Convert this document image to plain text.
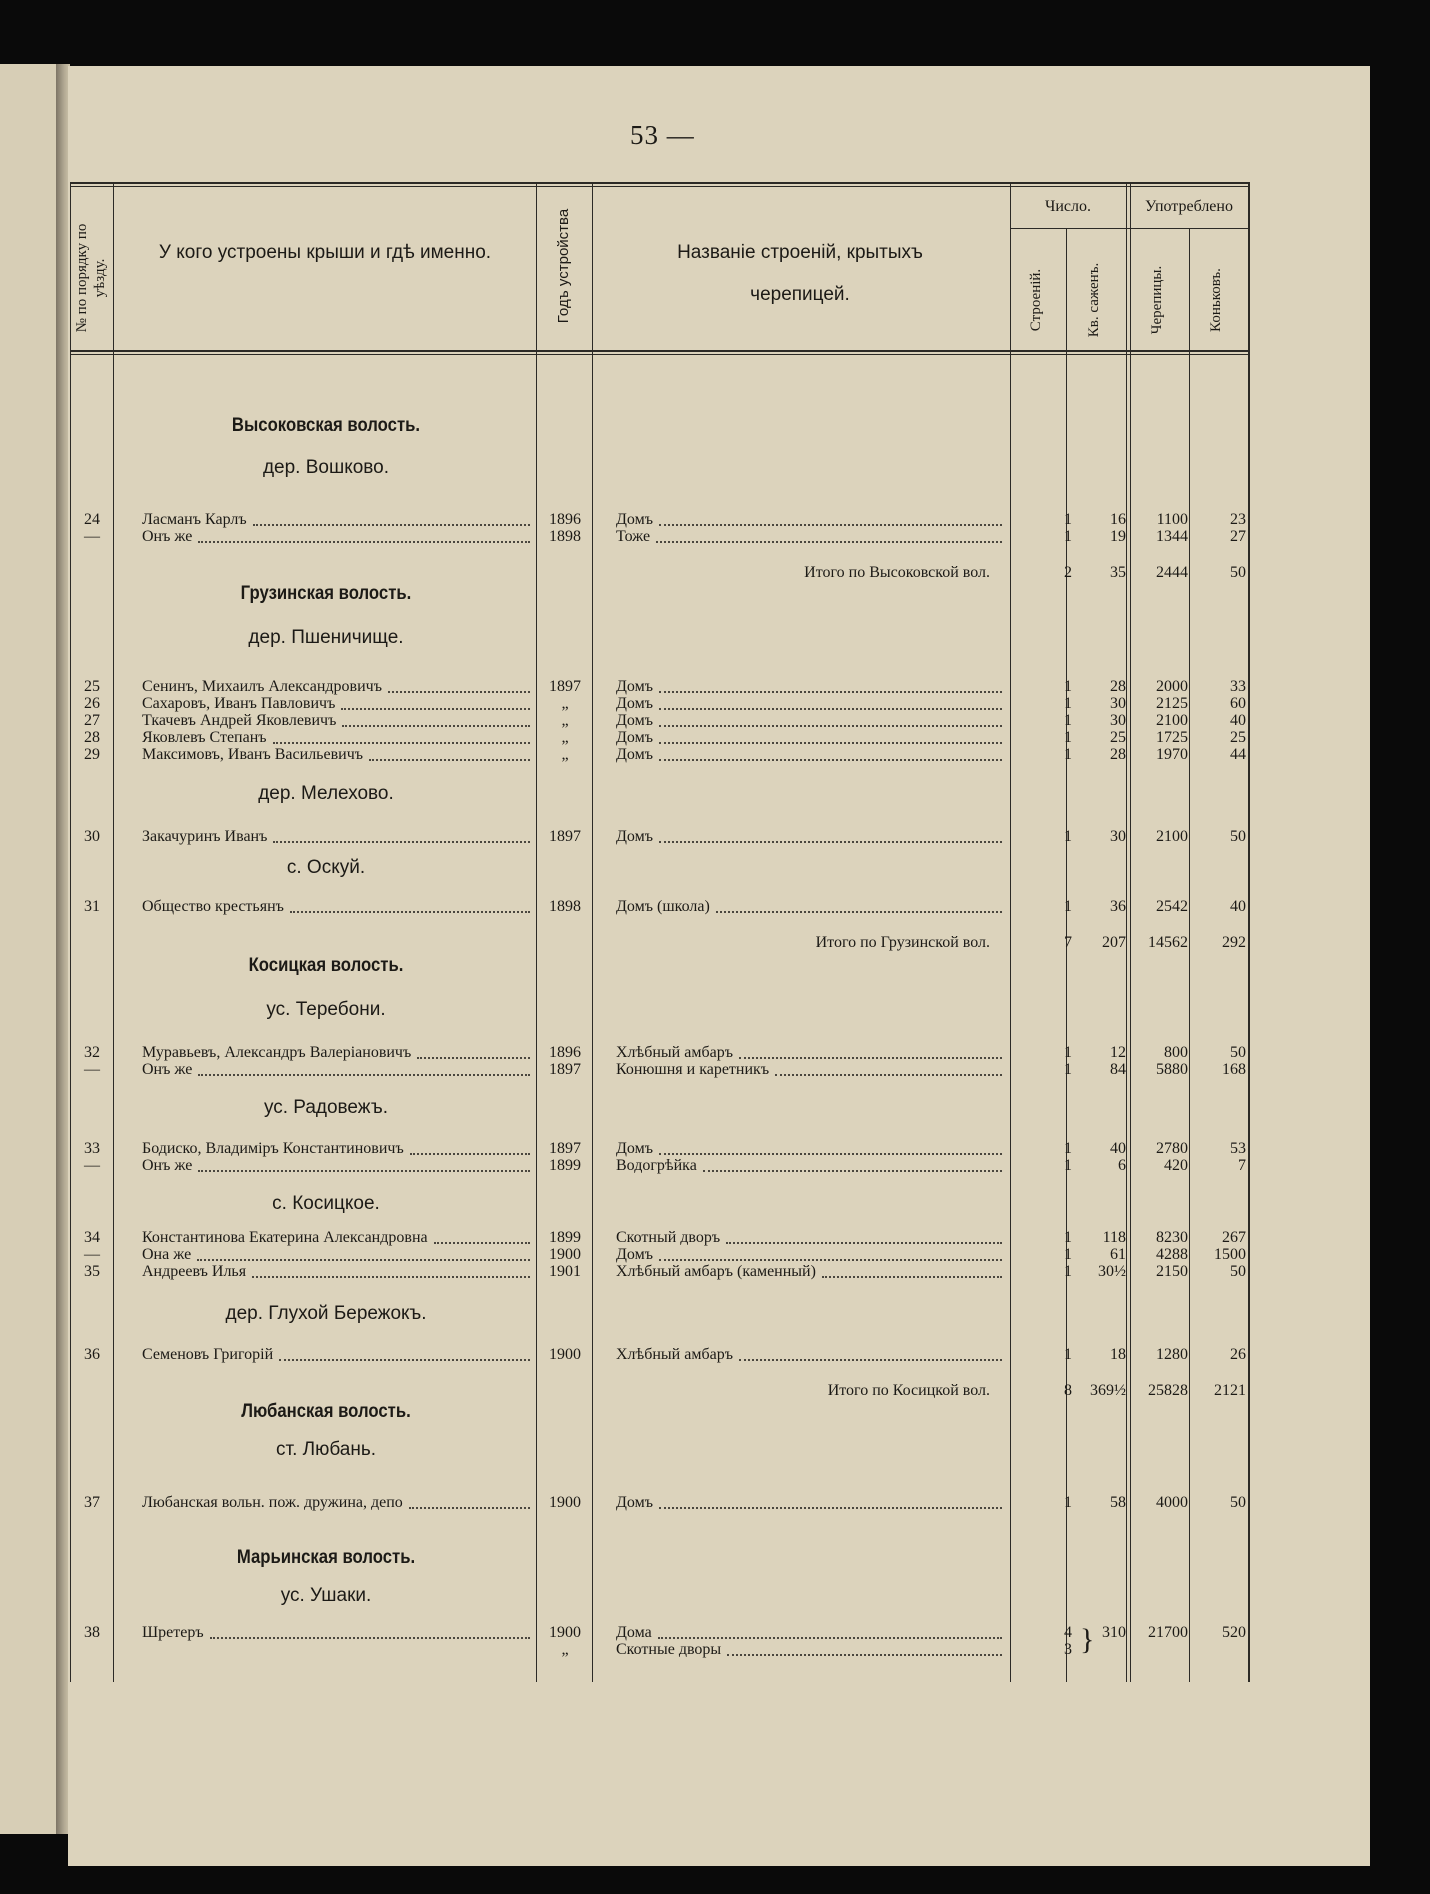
53 —
№ по порядку по уѣзду.
У кого устроены крыши и гдѣ именно.	Годъ устройства	Названіе строеній, крытыхъ черепицей.
Число.	Употреблено
Строеній.	Кв. саженъ.	Черепицы.	Коньковъ.
Высоковская волость.
дер. Вошково.
24	Ласманъ Карлъ	1896	Домъ	1	16	1100	23
—	Онъ же	1898	Тоже	1	19	1344	27
Итого по Высоковской вол.	2	35	2444	50
Грузинская волость.
дер. Пшеничище.
25	Сенинъ, Михаилъ Александровичъ	1897	Домъ	1	28	2000	33
26	Сахаровъ, Иванъ Павловичъ	„	Домъ	1	30	2125	60
27	Ткачевъ Андрей Яковлевичъ	„	Домъ	1	30	2100	40
28	Яковлевъ Степанъ	„	Домъ	1	25	1725	25
29	Максимовъ, Иванъ Васильевичъ	„	Домъ	1	28	1970	44
дер. Мелехово.
30	Закачуринъ Иванъ	1897	Домъ	1	30	2100	50
с. Оскуй.
31	Общество крестьянъ	1898	Домъ (школа)	1	36	2542	40
Итого по Грузинской вол.	7	207	14562	292
Косицкая волость.
ус. Теребони.
32	Муравьевъ, Александръ Валеріановичъ	1896	Хлѣбный амбаръ	1	12	800	50
—	Онъ же	1897	Конюшня и каретникъ	1	84	5880	168
ус. Радовежъ.
33	Бодиско, Владиміръ Константиновичъ	1897	Домъ	1	40	2780	53
—	Онъ же	1899	Водогрѣйка	1	6	420	7
с. Косицкое.
34	Константинова Екатерина Александровна	1899	Скотный дворъ	1	118	8230	267
—	Она же	1900	Домъ	1	61	4288	1500
35	Андреевъ Илья	1901	Хлѣбный амбаръ (каменный)	1	30½	2150	50
дер. Глухой Бережокъ.
36	Семеновъ Григорій	1900	Хлѣбный амбаръ	1	18	1280	26
Итого по Косицкой вол.	8	369½	25828	2121
Любанская волость.
ст. Любань.
37	Любанская вольн. пож. дружина, депо	1900	Домъ	1	58	4000	50
Марьинская волость.
ус. Ушаки.
38	Шретеръ	1900	Дома	4	310	21700	520
„	Скотные дворы	3 }
